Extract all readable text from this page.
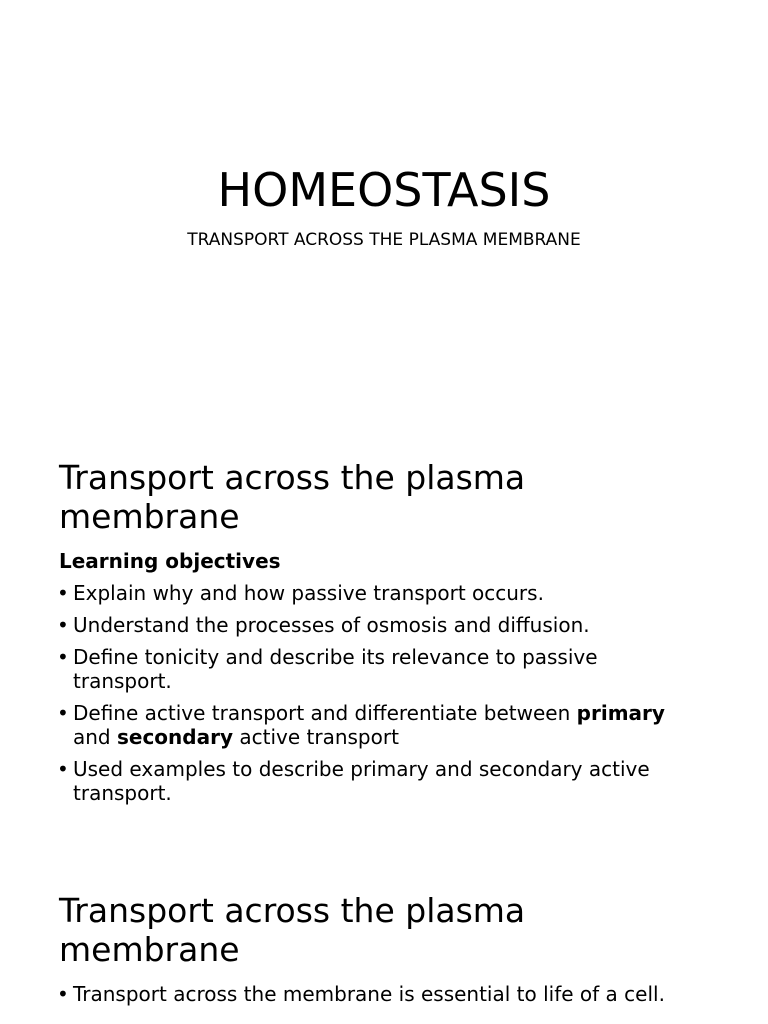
HOMEOSTASIS

TRANSPORT ACROSS THE PLASMA MEMBRANE

Transport across the plasma membrane

Learning objectives

• Explain why and how passive transport occurs.
• Understand the processes of osmosis and diffusion.
• Define tonicity and describe its relevance to passive transport.
• Define active transport and differentiate between primary and secondary active transport
• Used examples to describe primary and secondary active transport.
Transport across the plasma membrane
• Transport across the membrane is essential to life of a cell.
